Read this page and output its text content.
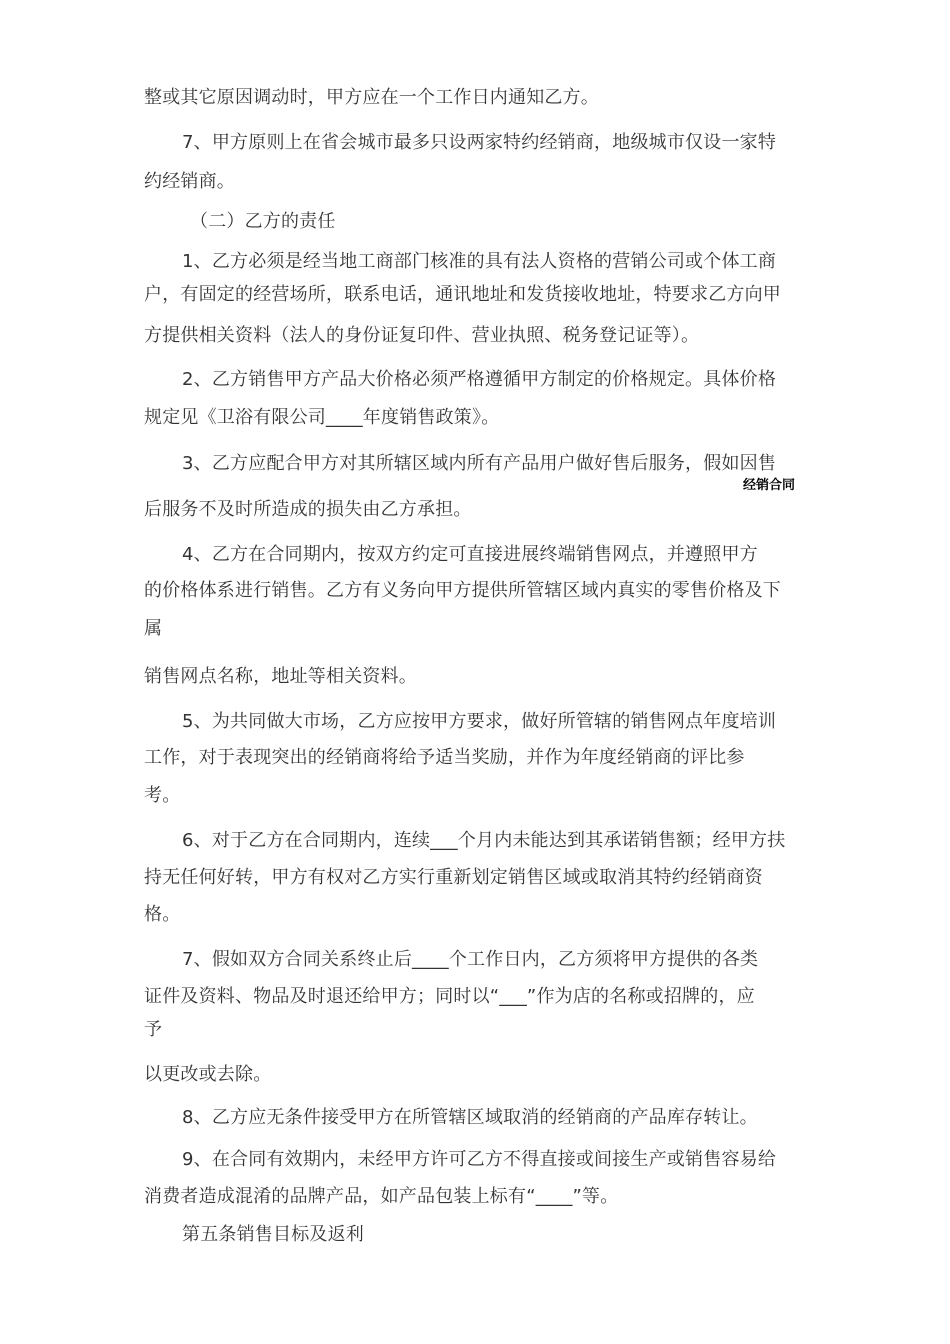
整或其它原因调动时，甲方应在一个工作日内通知乙方。
7、甲方原则上在省会城市最多只设两家特约经销商，地级城市仅设一家特
约经销商。
（二）乙方的责任
1、乙方必须是经当地工商部门核准的具有法人资格的营销公司或个体工商
户，有固定的经营场所，联系电话，通讯地址和发货接收地址，特要求乙方向甲
方提供相关资料（法人的身份证复印件、营业执照、税务登记证等）。
2、乙方销售甲方产品大价格必须严格遵循甲方制定的价格规定。具体价格
规定见《卫浴有限公司____年度销售政策》。
3、乙方应配合甲方对其所辖区域内所有产品用户做好售后服务，假如因售
经销合同
后服务不及时所造成的损失由乙方承担。
4、乙方在合同期内，按双方约定可直接进展终端销售网点，并遵照甲方
的价格体系进行销售。乙方有义务向甲方提供所管辖区域内真实的零售价格及下
属
销售网点名称，地址等相关资料。
5、为共同做大市场，乙方应按甲方要求，做好所管辖的销售网点年度培训
工作，对于表现突出的经销商将给予适当奖励，并作为年度经销商的评比参
考。
6、对于乙方在合同期内，连续___个月内未能达到其承诺销售额；经甲方扶
持无任何好转，甲方有权对乙方实行重新划定销售区域或取消其特约经销商资
格。
7、假如双方合同关系终止后____个工作日内，乙方须将甲方提供的各类
证件及资料、物品及时退还给甲方；同时以“___”作为店的名称或招牌的，应
予
以更改或去除。
8、乙方应无条件接受甲方在所管辖区域取消的经销商的产品库存转让。
9、在合同有效期内，未经甲方许可乙方不得直接或间接生产或销售容易给
消费者造成混淆的品牌产品，如产品包装上标有“____”等。
第五条销售目标及返利
